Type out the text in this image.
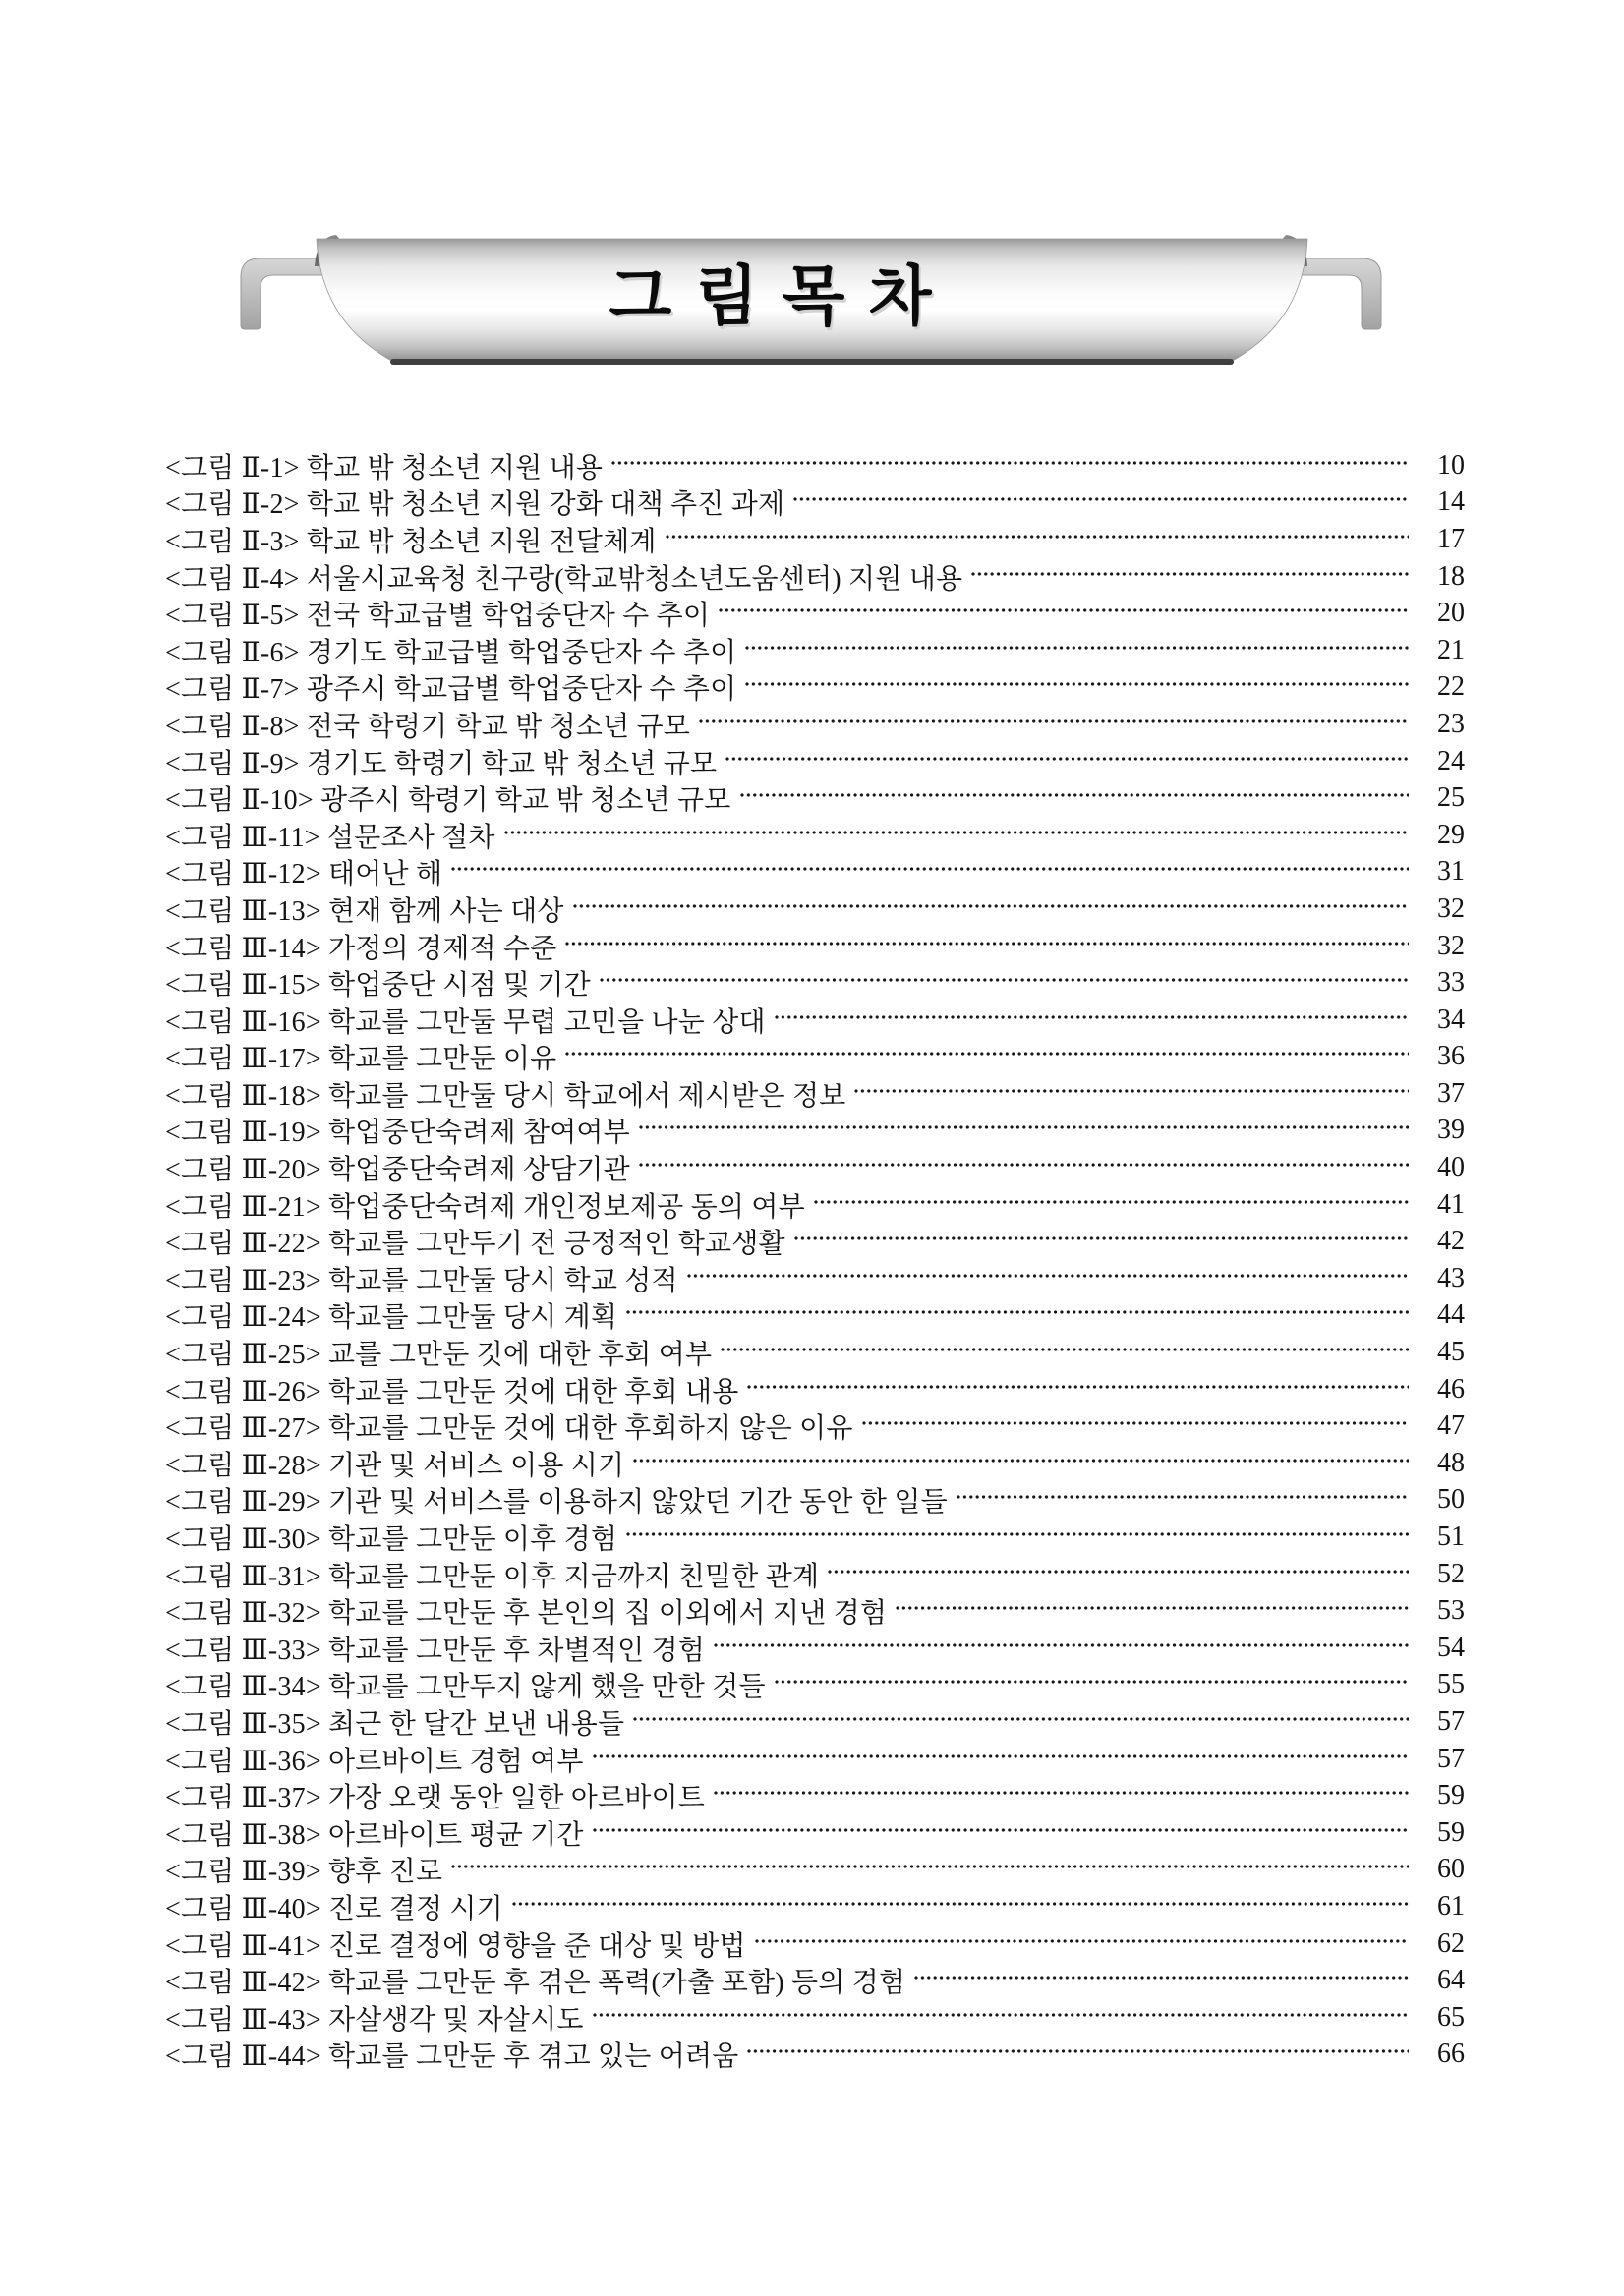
그 림 목 차
<그림 Ⅱ-1> 학교 밖 청소년 지원 내용	10
<그림 Ⅱ-2> 학교 밖 청소년 지원 강화 대책 추진 과제	14
<그림 Ⅱ-3> 학교 밖 청소년 지원 전달체계	17
<그림 Ⅱ-4> 서울시교육청 친구랑(학교밖청소년도움센터) 지원 내용	18
<그림 Ⅱ-5> 전국 학교급별 학업중단자 수 추이	20
<그림 Ⅱ-6> 경기도 학교급별 학업중단자 수 추이	21
<그림 Ⅱ-7> 광주시 학교급별 학업중단자 수 추이	22
<그림 Ⅱ-8> 전국 학령기 학교 밖 청소년 규모	23
<그림 Ⅱ-9> 경기도 학령기 학교 밖 청소년 규모	24
<그림 Ⅱ-10> 광주시 학령기 학교 밖 청소년 규모	25
<그림 Ⅲ-11> 설문조사 절차	29
<그림 Ⅲ-12> 태어난 해	31
<그림 Ⅲ-13> 현재 함께 사는 대상	32
<그림 Ⅲ-14> 가정의 경제적 수준	32
<그림 Ⅲ-15> 학업중단 시점 및 기간	33
<그림 Ⅲ-16> 학교를 그만둘 무렵 고민을 나눈 상대	34
<그림 Ⅲ-17> 학교를 그만둔 이유	36
<그림 Ⅲ-18> 학교를 그만둘 당시 학교에서 제시받은 정보	37
<그림 Ⅲ-19> 학업중단숙려제 참여여부	39
<그림 Ⅲ-20> 학업중단숙려제 상담기관	40
<그림 Ⅲ-21> 학업중단숙려제 개인정보제공 동의 여부	41
<그림 Ⅲ-22> 학교를 그만두기 전 긍정적인 학교생활	42
<그림 Ⅲ-23> 학교를 그만둘 당시 학교 성적	43
<그림 Ⅲ-24> 학교를 그만둘 당시 계획	44
<그림 Ⅲ-25> 교를 그만둔 것에 대한 후회 여부	45
<그림 Ⅲ-26> 학교를 그만둔 것에 대한 후회 내용	46
<그림 Ⅲ-27> 학교를 그만둔 것에 대한 후회하지 않은 이유	47
<그림 Ⅲ-28> 기관 및 서비스 이용 시기	48
<그림 Ⅲ-29> 기관 및 서비스를 이용하지 않았던 기간 동안 한 일들	50
<그림 Ⅲ-30> 학교를 그만둔 이후 경험	51
<그림 Ⅲ-31> 학교를 그만둔 이후 지금까지 친밀한 관계	52
<그림 Ⅲ-32> 학교를 그만둔 후 본인의 집 이외에서 지낸 경험	53
<그림 Ⅲ-33> 학교를 그만둔 후 차별적인 경험	54
<그림 Ⅲ-34> 학교를 그만두지 않게 했을 만한 것들	55
<그림 Ⅲ-35> 최근 한 달간 보낸 내용들	57
<그림 Ⅲ-36> 아르바이트 경험 여부	57
<그림 Ⅲ-37> 가장 오랫 동안 일한 아르바이트	59
<그림 Ⅲ-38> 아르바이트 평균 기간	59
<그림 Ⅲ-39> 향후 진로	60
<그림 Ⅲ-40> 진로 결정 시기	61
<그림 Ⅲ-41> 진로 결정에 영향을 준 대상 및 방법	62
<그림 Ⅲ-42> 학교를 그만둔 후 겪은 폭력(가출 포함) 등의 경험	64
<그림 Ⅲ-43> 자살생각 및 자살시도	65
<그림 Ⅲ-44> 학교를 그만둔 후 겪고 있는 어려움	66
